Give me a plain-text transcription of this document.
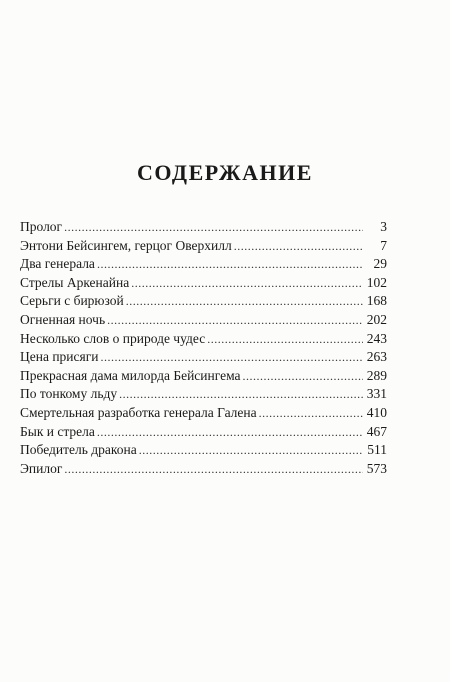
СОДЕРЖАНИЕ
Пролог .....	3
Энтони Бейсингем, герцог Оверхилл .....	7
Два генерала .....	29
Стрелы Аркенайна .....	102
Серьги с бирюзой .....	168
Огненная ночь .....	202
Несколько слов о природе чудес .....	243
Цена присяги .....	263
Прекрасная дама милорда Бейсингема .....	289
По тонкому льду .....	331
Смертельная разработка генерала Галена .....	410
Бык и стрела .....	467
Победитель дракона .....	511
Эпилог .....	573
